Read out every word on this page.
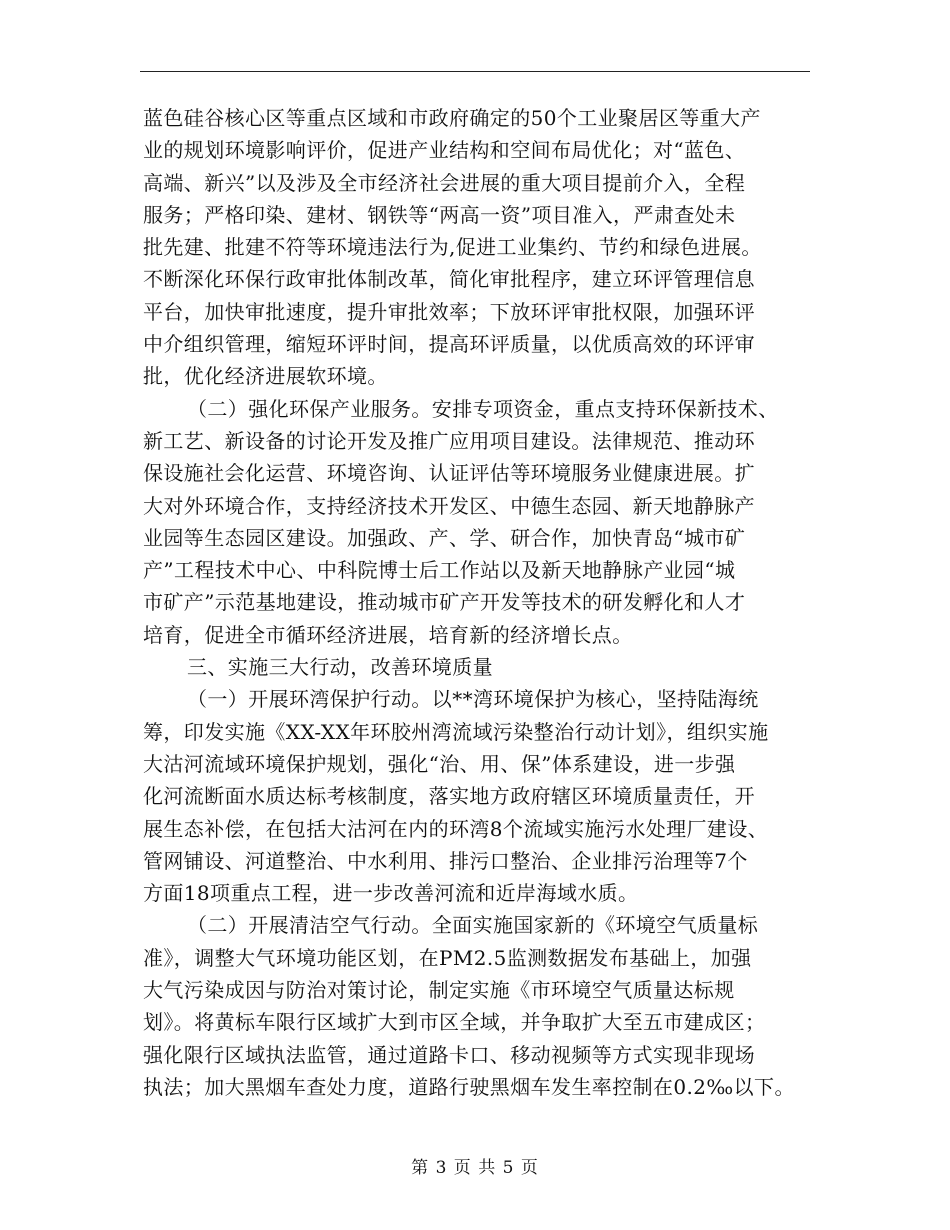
蓝色硅谷核心区等重点区域和市政府确定的50个工业聚居区等重大产
业的规划环境影响评价，促进产业结构和空间布局优化；对“蓝色、
高端、新兴”以及涉及全市经济社会进展的重大项目提前介入，全程
服务；严格印染、建材、钢铁等“两高一资”项目准入，严肃查处未
批先建、批建不符等环境违法行为,促进工业集约、节约和绿色进展。
不断深化环保行政审批体制改革，简化审批程序，建立环评管理信息
平台，加快审批速度，提升审批效率；下放环评审批权限，加强环评
中介组织管理，缩短环评时间，提高环评质量，以优质高效的环评审
批，优化经济进展软环境。
（二）强化环保产业服务。安排专项资金，重点支持环保新技术、
新工艺、新设备的讨论开发及推广应用项目建设。法律规范、推动环
保设施社会化运营、环境咨询、认证评估等环境服务业健康进展。扩
大对外环境合作，支持经济技术开发区、中德生态园、新天地静脉产
业园等生态园区建设。加强政、产、学、研合作，加快青岛“城市矿
产”工程技术中心、中科院博士后工作站以及新天地静脉产业园“城
市矿产”示范基地建设，推动城市矿产开发等技术的研发孵化和人才
培育，促进全市循环经济进展，培育新的经济增长点。
三、实施三大行动，改善环境质量
（一）开展环湾保护行动。以**湾环境保护为核心，坚持陆海统
筹，印发实施《XX-XX年环胶州湾流域污染整治行动计划》，组织实施
大沽河流域环境保护规划，强化“治、用、保”体系建设，进一步强
化河流断面水质达标考核制度，落实地方政府辖区环境质量责任，开
展生态补偿，在包括大沽河在内的环湾8个流域实施污水处理厂建设、
管网铺设、河道整治、中水利用、排污口整治、企业排污治理等7个
方面18项重点工程，进一步改善河流和近岸海域水质。
（二）开展清洁空气行动。全面实施国家新的《环境空气质量标
准》，调整大气环境功能区划，在PM2.5监测数据发布基础上，加强
大气污染成因与防治对策讨论，制定实施《市环境空气质量达标规
划》。将黄标车限行区域扩大到市区全域，并争取扩大至五市建成区；
强化限行区域执法监管，通过道路卡口、移动视频等方式实现非现场
执法；加大黑烟车查处力度，道路行驶黑烟车发生率控制在0.2‰以下。
第 3 页 共 5 页
